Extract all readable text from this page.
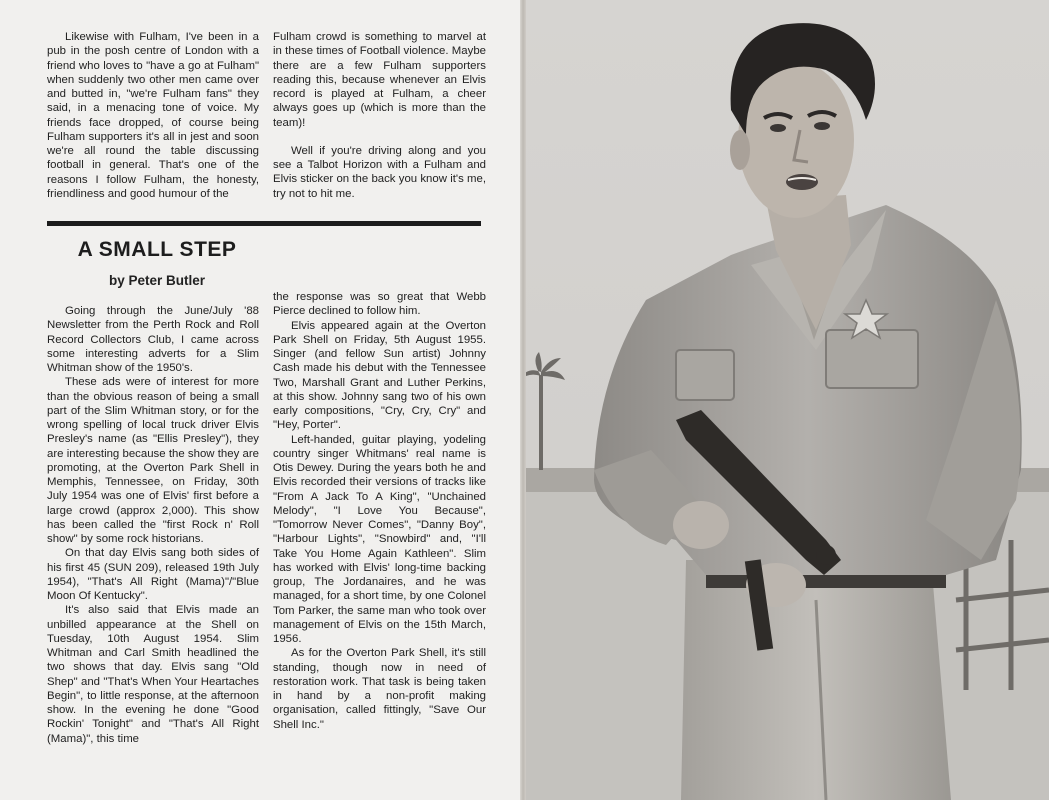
Likewise with Fulham, I've been in a pub in the posh centre of London with a friend who loves to "have a go at Fulham" when suddenly two other men came over and butted in, "we're Fulham fans" they said, in a menacing tone of voice. My friends face dropped, of course being Fulham supporters it's all in jest and soon we're all round the table discussing football in general. That's one of the reasons I follow Fulham, the honesty, friendliness and good humour of the

Fulham crowd is something to marvel at in these times of Football violence. Maybe there are a few Fulham supporters reading this, because whenever an Elvis record is played at Fulham, a cheer always goes up (which is more than the team)!

Well if you're driving along and you see a Talbot Horizon with a Fulham and Elvis sticker on the back you know it's me, try not to hit me.

A SMALL STEP
by Peter Butler

Going through the June/July '88 Newsletter from the Perth Rock and Roll Record Collectors Club, I came across some interesting adverts for a Slim Whitman show of the 1950's.

These ads were of interest for more than the obvious reason of being a small part of the Slim Whitman story, or for the wrong spelling of local truck driver Elvis Presley's name (as "Ellis Presley"), they are interesting because the show they are promoting, at the Overton Park Shell in Memphis, Tennessee, on Friday, 30th July 1954 was one of Elvis' first before a large crowd (approx 2,000). This show has been called the "first Rock n' Roll show" by some rock historians.

On that day Elvis sang both sides of his first 45 (SUN 209), released 19th July 1954), "That's All Right (Mama)"/"Blue Moon Of Kentucky".

It's also said that Elvis made an unbilled appearance at the Shell on Tuesday, 10th August 1954. Slim Whitman and Carl Smith headlined the two shows that day. Elvis sang "Old Shep" and "That's When Your Heartaches Begin", to little response, at the afternoon show. In the evening he done "Good Rockin' Tonight" and "That's All Right (Mama)", this time

the response was so great that Webb Pierce declined to follow him.

Elvis appeared again at the Overton Park Shell on Friday, 5th August 1955. Singer (and fellow Sun artist) Johnny Cash made his debut with the Tennessee Two, Marshall Grant and Luther Perkins, at this show. Johnny sang two of his own early compositions, "Cry, Cry, Cry" and "Hey, Porter".

Left-handed, guitar playing, yodeling country singer Whitmans' real name is Otis Dewey. During the years both he and Elvis recorded their versions of tracks like "From A Jack To A King", "Unchained Melody", "I Love You Because", "Tomorrow Never Comes", "Danny Boy", "Harbour Lights", "Snowbird" and, "I'll Take You Home Again Kathleen". Slim has worked with Elvis' long-time backing group, The Jordanaires, and he was managed, for a short time, by one Colonel Tom Parker, the same man who took over management of Elvis on the 15th March, 1956.

As for the Overton Park Shell, it's still standing, though now in need of restoration work. That task is being taken in hand by a non-profit making organisation, called fittingly, "Save Our Shell Inc."
